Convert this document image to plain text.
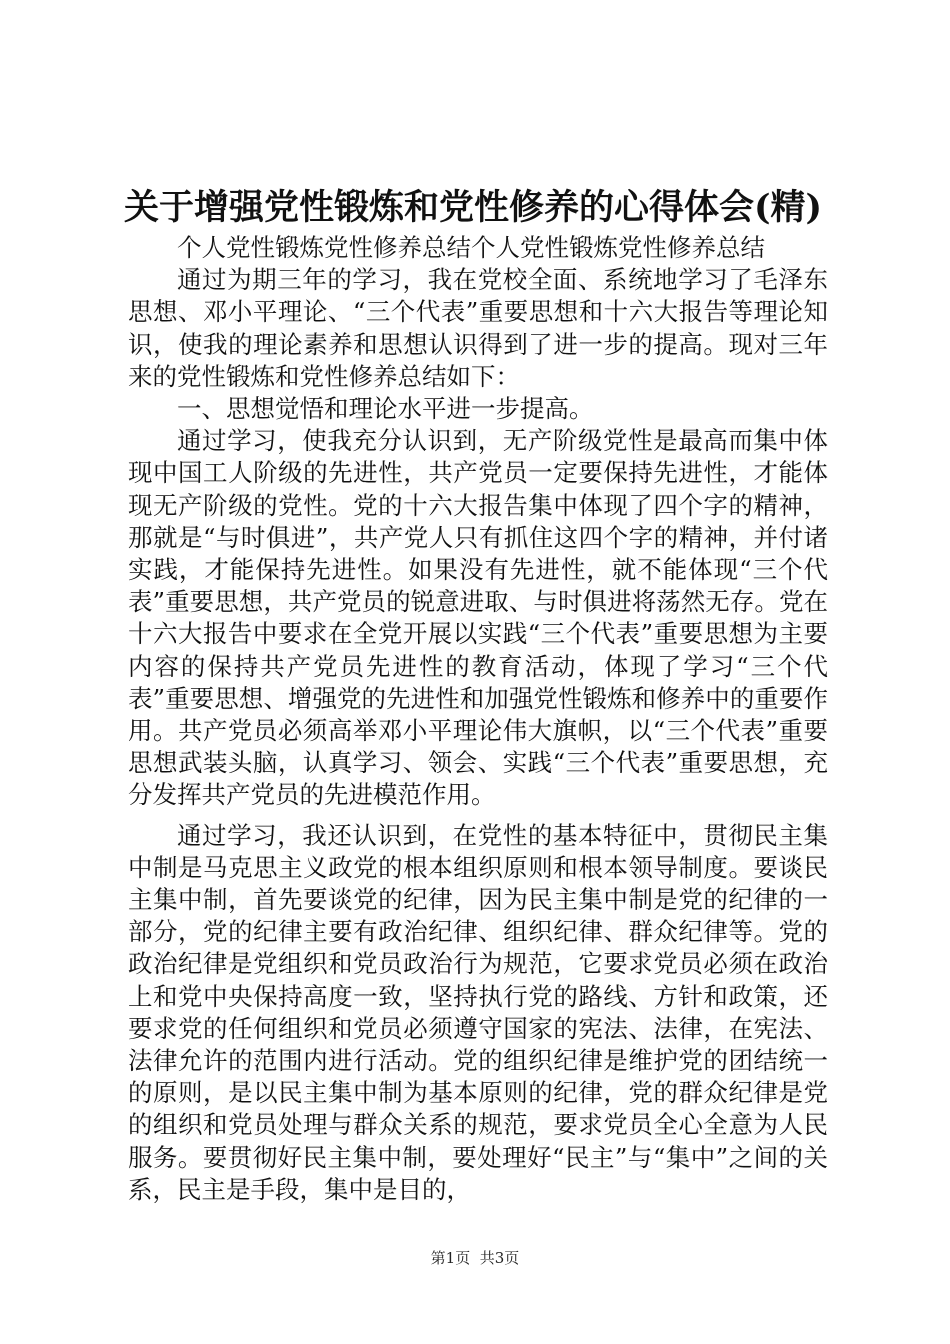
关于增强党性锻炼和党性修养的心得体会(精)

个人党性锻炼党性修养总结个人党性锻炼党性修养总结

通过为期三年的学习，我在党校全面、系统地学习了毛泽东思想、邓小平理论、“三个代表”重要思想和十六大报告等理论知识，使我的理论素养和思想认识得到了进一步的提高。现对三年来的党性锻炼和党性修养总结如下：

一、思想觉悟和理论水平进一步提高。

通过学习，使我充分认识到，无产阶级党性是最高而集中体现中国工人阶级的先进性，共产党员一定要保持先进性，才能体现无产阶级的党性。党的十六大报告集中体现了四个字的精神，那就是“与时俱进”，共产党人只有抓住这四个字的精神，并付诸实践，才能保持先进性。如果没有先进性，就不能体现“三个代表”重要思想，共产党员的锐意进取、与时俱进将荡然无存。党在十六大报告中要求在全党开展以实践“三个代表”重要思想为主要内容的保持共产党员先进性的教育活动，体现了学习“三个代表”重要思想、增强党的先进性和加强党性锻炼和修养中的重要作用。共产党员必须高举邓小平理论伟大旗帜，以“三个代表”重要思想武装头脑，认真学习、领会、实践“三个代表”重要思想，充分发挥共产党员的先进模范作用。

通过学习，我还认识到，在党性的基本特征中，贯彻民主集中制是马克思主义政党的根本组织原则和根本领导制度。要谈民主集中制，首先要谈党的纪律，因为民主集中制是党的纪律的一部分，党的纪律主要有政治纪律、组织纪律、群众纪律等。党的政治纪律是党组织和党员政治行为规范，它要求党员必须在政治上和党中央保持高度一致，坚持执行党的路线、方针和政策，还要求党的任何组织和党员必须遵守国家的宪法、法律，在宪法、法律允许的范围内进行活动。党的组织纪律是维护党的团结统一的原则，是以民主集中制为基本原则的纪律，党的群众纪律是党的组织和党员处理与群众关系的规范，要求党员全心全意为人民服务。要贯彻好民主集中制，要处理好“民主”与“集中”之间的关系，民主是手段，集中是目的，

第1页 共3页
